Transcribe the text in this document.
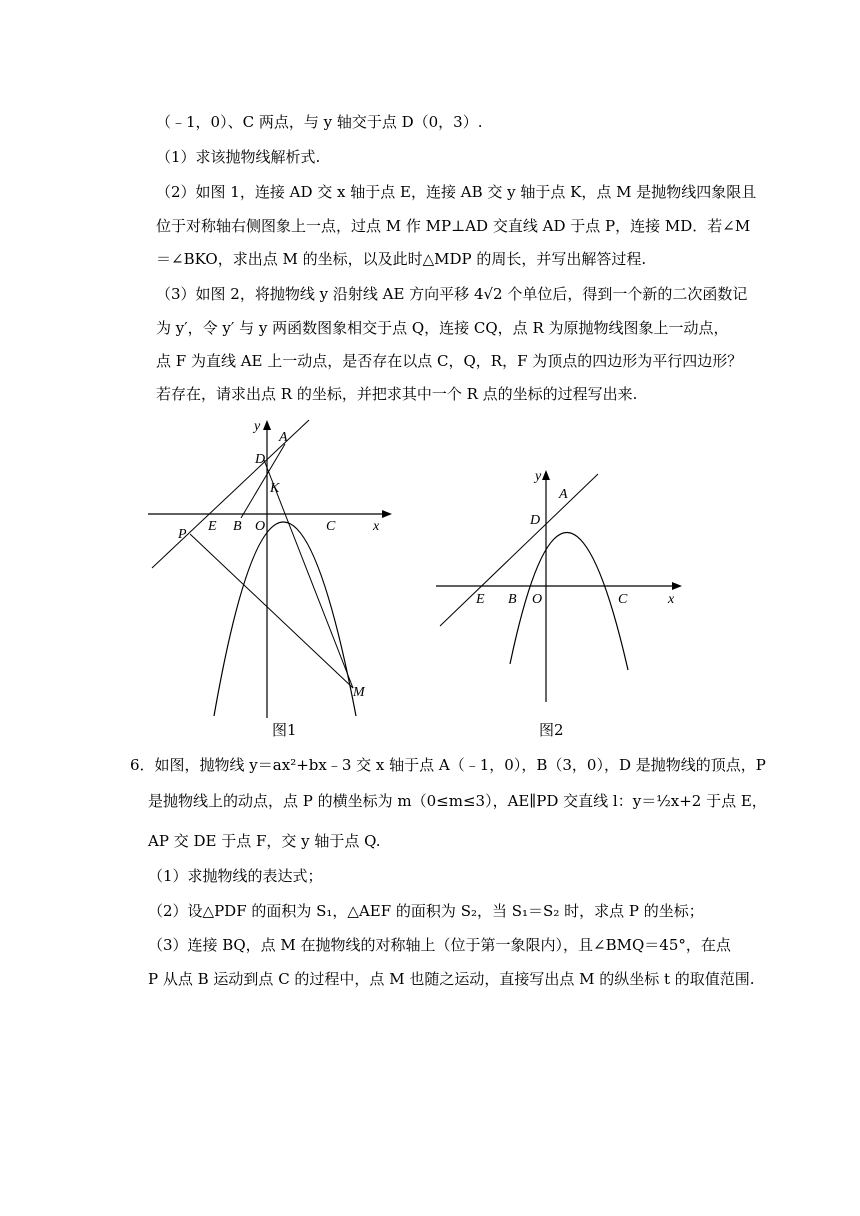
（﹣1，0）、C 两点，与 y 轴交于点 D（0，3）.
（1）求该抛物线解析式.
（2）如图 1，连接 AD 交 x 轴于点 E，连接 AB 交 y 轴于点 K，点 M 是抛物线四象限且
位于对称轴右侧图象上一点，过点 M 作 MP⊥AD 交直线 AD 于点 P，连接 MD．若∠M
＝∠BKO，求出点 M 的坐标，以及此时△MDP 的周长，并写出解答过程.
（3）如图 2，将抛物线 y 沿射线 AE 方向平移 4√2 个单位后，得到一个新的二次函数记
为 y′，令 y′ 与 y 两函数图象相交于点 Q，连接 CQ，点 R 为原抛物线图象上一动点，
点 F 为直线 AE 上一动点，是否存在以点 C，Q，R，F 为顶点的四边形为平行四边形？
若存在，请求出点 R 的坐标，并把求其中一个 R 点的坐标的过程写出来.
y
A
D
K
E B O	C	x
P
M
图1
y
A
D
E B O	C	x
图2
6．如图，抛物线 y＝ax²+bx﹣3 交 x 轴于点 A（﹣1，0），B（3，0），D 是抛物线的顶点，P
是抛物线上的动点，点 P 的横坐标为 m（0≤m≤3），AE∥PD 交直线 l：y＝½x+2 于点 E，
AP 交 DE 于点 F，交 y 轴于点 Q.
（1）求抛物线的表达式；
（2）设△PDF 的面积为 S₁，△AEF 的面积为 S₂，当 S₁＝S₂ 时，求点 P 的坐标；
（3）连接 BQ，点 M 在抛物线的对称轴上（位于第一象限内），且∠BMQ＝45°，在点
P 从点 B 运动到点 C 的过程中，点 M 也随之运动，直接写出点 M 的纵坐标 t 的取值范围.
